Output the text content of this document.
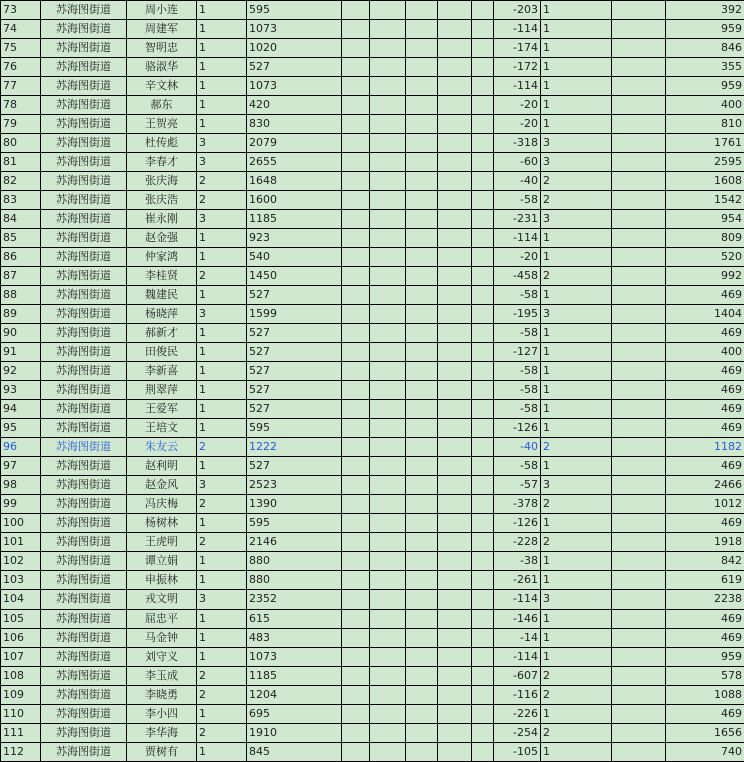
73	苏海图街道	周小连	1	595						-203	1		392
74	苏海图街道	周建军	1	1073						-114	1		959
75	苏海图街道	智明忠	1	1020						-174	1		846
76	苏海图街道	骆淑华	1	527						-172	1		355
77	苏海图街道	辛文林	1	1073						-114	1		959
78	苏海图街道	郝东	1	420						-20	1		400
79	苏海图街道	王贺亮	1	830						-20	1		810
80	苏海图街道	杜传彪	3	2079						-318	3		1761
81	苏海图街道	李春才	3	2655						-60	3		2595
82	苏海图街道	张庆海	2	1648						-40	2		1608
83	苏海图街道	张庆浩	2	1600						-58	2		1542
84	苏海图街道	崔永刚	3	1185						-231	3		954
85	苏海图街道	赵金强	1	923						-114	1		809
86	苏海图街道	仲家鸿	1	540						-20	1		520
87	苏海图街道	李桂贤	2	1450						-458	2		992
88	苏海图街道	魏建民	1	527						-58	1		469
89	苏海图街道	杨晓萍	3	1599						-195	3		1404
90	苏海图街道	郝新才	1	527						-58	1		469
91	苏海图街道	田俊民	1	527						-127	1		400
92	苏海图街道	李新喜	1	527						-58	1		469
93	苏海图街道	荆翠萍	1	527						-58	1		469
94	苏海图街道	王爱军	1	527						-58	1		469
95	苏海图街道	王培文	1	595						-126	1		469
96	苏海图街道	朱友云	2	1222						-40	2		1182
97	苏海图街道	赵利明	1	527						-58	1		469
98	苏海图街道	赵金风	3	2523						-57	3		2466
99	苏海图街道	冯庆梅	2	1390						-378	2		1012
100	苏海图街道	杨树林	1	595						-126	1		469
101	苏海图街道	王虎明	2	2146						-228	2		1918
102	苏海图街道	谭立娟	1	880						-38	1		842
103	苏海图街道	申振林	1	880						-261	1		619
104	苏海图街道	戎文明	3	2352						-114	3		2238
105	苏海图街道	屈忠平	1	615						-146	1		469
106	苏海图街道	马金钟	1	483						-14	1		469
107	苏海图街道	刘守义	1	1073						-114	1		959
108	苏海图街道	李玉成	2	1185						-607	2		578
109	苏海图街道	李晓勇	2	1204						-116	2		1088
110	苏海图街道	李小四	1	695						-226	1		469
111	苏海图街道	李华海	2	1910						-254	2		1656
112	苏海图街道	贾树有	1	845						-105	1		740
